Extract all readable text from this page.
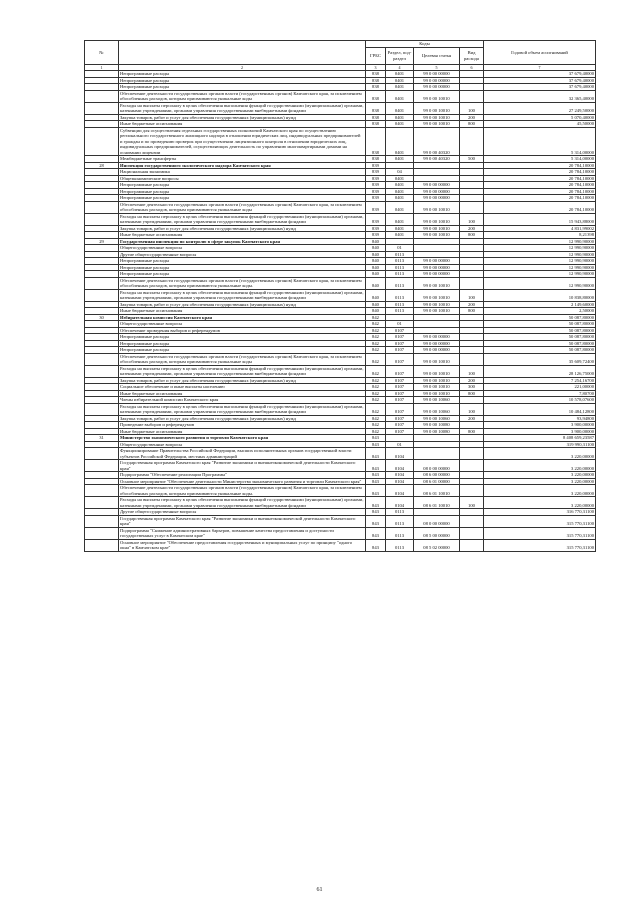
№		Коды				Годовой объем ассигнований
		ГРБС	Раздел, под-раздел	Целевая статья	Вид расхода	
1	2	3	4	5	6	7
	Непрограммные расходы	838	0401	99 0 00 00000		37 679,40000
	Непрограммные расходы	838	0401	99 0 00 00000		37 679,40000
	Непрограммные расходы	838	0401	99 0 00 00000		37 679,40000
	Обеспечение деятельности государственных органов власти (государственных органов) Камчатского края, за исключением обособленных расходов, которым присваиваются уникальные коды	838	0401	99 0 00 10010		32 365,40000
	Расходы на выплаты персоналу в целях обеспечения выполнения функций государственными (муниципальными) органами, казенными учреждениями, органами управления государственными внебюджетными фондами	838	0401	99 0 00 10010	100	27 249,50000
	Закупка товаров, работ и услуг для обеспечения государственных (муниципальных) нужд	838	0401	99 0 00 10010	200	5 070,40000
	Иные бюджетные ассигнования	838	0401	99 0 00 10010	800	45,50000
	Субвенции для осуществления отдельных государственных полномочий Камчатского края по осуществлению регионального государственного жилищного надзора в отношении юридических лиц, индивидуальных предпринимателей и граждан и по проведению проверок при осуществлении лицензионного контроля в отношении юридических лиц, индивидуальных предпринимателей, осуществляющих деятельность по управлению многоквартирными домами на основании лицензии	838	0401	99 0 00 40320		5 314,00000
	Межбюджетные трансферты	838	0401	99 0 00 40320	500	5 314,00000
28	Инспекция государственного экологического надзора Камчатского края	839				20 784,10000
	Национальная экономика	839	04			20 784,10000
	Общеэкономические вопросы	839	0401			20 784,10000
	Непрограммные расходы	839	0401	99 0 00 00000		20 784,10000
	Непрограммные расходы	839	0401	99 0 00 00000		20 784,10000
	Непрограммные расходы	839	0401	99 0 00 00000		20 784,10000
	Обеспечение деятельности государственных органов власти (государственных органов) Камчатского края, за исключением обособленных расходов, которым присваиваются уникальные коды	839	0401	99 0 00 10010		20 784,10000
	Расходы на выплаты персоналу в целях обеспечения выполнения функций государственными (муниципальными) органами, казенными учреждениями, органами управления государственными внебюджетными фондами	839	0401	99 0 00 10010	100	15 943,88000
	Закупка товаров, работ и услуг для обеспечения государственных (муниципальных) нужд	839	0401	99 0 00 10010	200	4 831,99002
	Иные бюджетные ассигнования	839	0401	99 0 00 10010	800	8,21398
29	Государственная инспекция по контролю в сфере закупок Камчатского края	840				12 990,90000
	Общегосударственные вопросы	840	01			12 990,90000
	Другие общегосударственные вопросы	840	0113			12 990,90000
	Непрограммные расходы	840	0113	99 0 00 00000		12 990,90000
	Непрограммные расходы	840	0113	99 0 00 00000		12 990,90000
	Непрограммные расходы	840	0113	99 0 00 00000		12 990,90000
	Обеспечение деятельности государственных органов власти (государственных органов) Камчатского края, за исключением обособленных расходов, которым присваиваются уникальные коды.	840	0113	99 0 00 10010		12 990,90000
	Расходы на выплаты персоналу в целях обеспечения выполнения функций государственными (муниципальными) органами, казенными учреждениями, органами управления государственными внебюджетными фондами	840	0113	99 0 00 10010	100	10 838,80000
	Закупка товаров, работ и услуг для обеспечения государственных (муниципальных) нужд	840	0113	99 0 00 10010	200	2 149,60000
	Иные бюджетные ассигнования	840	0113	99 0 00 10010	800	2,50000
30	Избирательная комиссия Камчатского края	842				50 087,80000
	Общегосударственные вопросы	842	01			50 087,80000
	Обеспечение проведения выборов и референдумов	842	0107			50 087,80000
	Непрограммные расходы	842	0107	99 0 00 00000		50 087,80000
	Непрограммные расходы	842	0107	99 0 00 00000		50 087,80000
	Непрограммные расходы	842	0107	99 0 00 00000		50 087,80000
	Обеспечение деятельности государственных органов власти (государственных органов) Камчатского края, за исключением обособленных расходов, которым присваиваются уникальные коды	842	0107	99 0 00 10010		35 609,72400
	Расходы на выплаты персоналу в целях обеспечения выполнения функций государственными (муниципальными) органами, казенными учреждениями, органами управления государственными внебюджетными фондами	842	0107	99 0 00 10010	100	28 126,75000
	Закупка товаров, работ и услуг для обеспечения государственных (муниципальных) нужд	842	0107	99 0 00 10010	200	7 254,16700
	Социальное обеспечение и иные выплаты населению	842	0107	99 0 00 10010	300	221,00000
	Иные бюджетные ассигнования	842	0107	99 0 00 10010	800	7,80700
	Члены избирательной комиссии Камчатского края	842	0107	99 0 00 10060		10 578,07600
	Расходы на выплаты персоналу в целях обеспечения выполнения функций государственными (муниципальными) органами, казенными учреждениями, органами управления государственными внебюджетными фондами	842	0107	99 0 00 10060	100	10 484,12800
	Закупка товаров, работ и услуг для обеспечения государственных (муниципальных) нужд	842	0107	99 0 00 10060	200	93,94800
	Проведение выборов и референдумов	842	0107	99 0 00 10080		3 900,00000
	Иные бюджетные ассигнования	842	0107	99 0 00 10080	800	3 900,00000
31	Министерство экономического развития и торговли Камчатского края	843				8 408 659,23587
	Общегосударственные вопросы	843	01			319 990,31100
	Функционирование Правительства Российской Федерации, высших исполнительных органов государственной власти субъектов Российской Федерации, местных администраций	843	0104			3 220,00000
	Государственная программа Камчатского края "Развитие экономики и внешнеэкономической деятельности Камчатского края"	843	0104	08 0 00 00000		3 220,00000
	Подпрограмма "Обеспечение реализации Программы"	843	0104	08 6 00 00000		3 220,00000
	Основное мероприятие "Обеспечение деятельности Министерства экономического развития и торговли Камчатского края"	843	0104	08 6 01 00000		3 220,00000
	Обеспечение деятельности государственных органов власти (государственных органов) Камчатского края, за исключением обособленных расходов, которым присваиваются уникальные коды.	843	0104	08 6 01 10010		3 220,00000
	Расходы на выплаты персоналу в целях обеспечения выполнения функций государственными (муниципальными) органами, казенными учреждениями, органами управления государственными внебюджетными фондами	843	0104	08 6 01 10010	100	3 220,00000
	Другие общегосударственные вопросы	843	0113			316 770,31100
	Государственная программа Камчатского края "Развитие экономики и внешнеэкономической деятельности Камчатского края"	843	0113	08 0 00 00000		315 770,31100
	Подпрограмма "Снижение административных барьеров, повышение качества предоставления и доступности государственных услуг в Камчатском крае"	843	0113	08 5 00 00000		315 770,31100
	Основное мероприятие "Обеспечение предоставления государственных и муниципальных услуг по принципу "одного окна" в Камчатском крае"	843	0113	08 5 02 00000		315 770,31100
61
